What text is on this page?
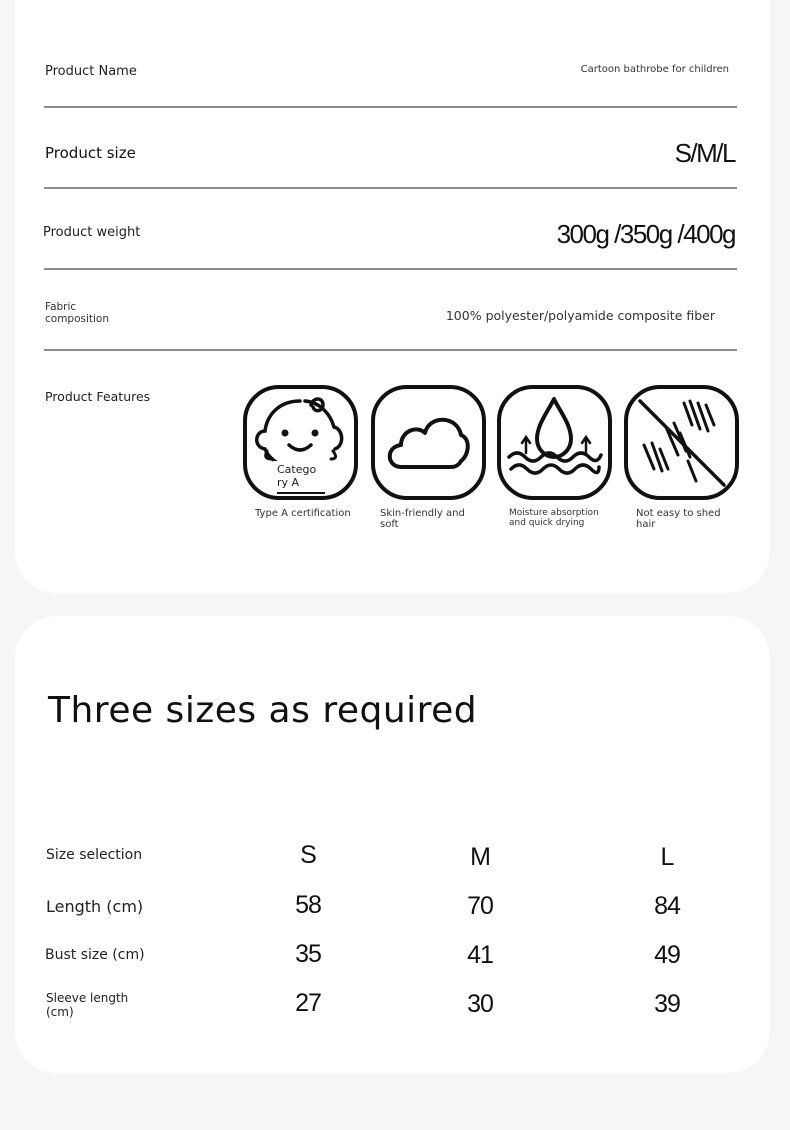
Product Name	Cartoon bathrobe for children
Product size	S/M/L
Product weight	300g /350g /400g
Fabric composition	100% polyester/polyamide composite fiber
Product Features
Catego ry A
Type A certification	Skin-friendly and soft
Moisture absorption and quick drying
Not easy to shed hair
Three sizes as required
Size selection	S	M	L
Length (cm)	58	70	84
Bust size (cm)	35	41	49
Sleeve length (cm)	27	30	39
